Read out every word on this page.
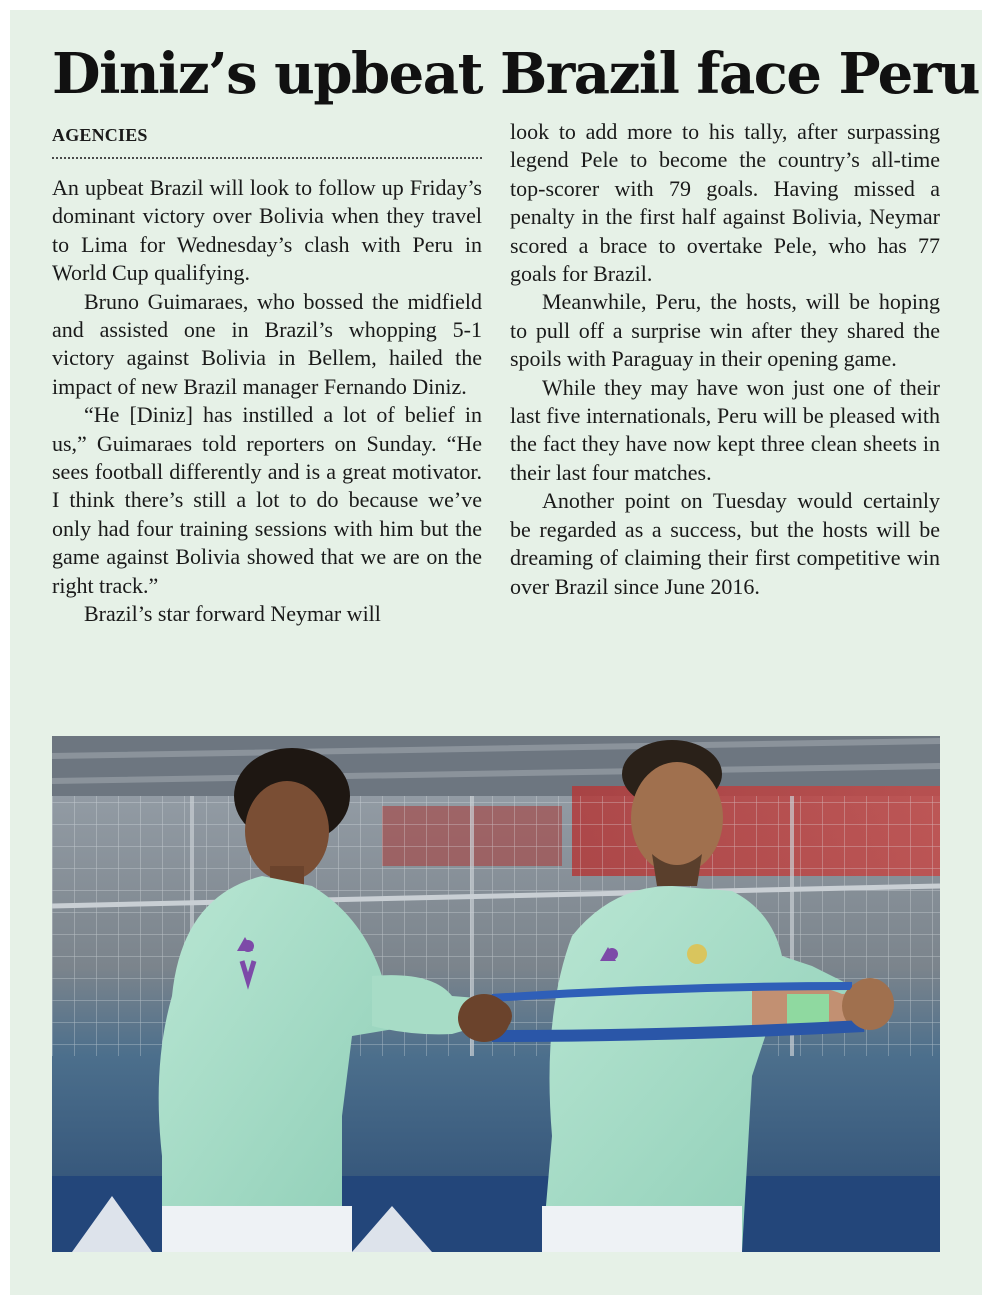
Diniz’s upbeat Brazil face Peru
AGENCIES

An upbeat Brazil will look to follow up Friday’s dominant victory over Bolivia when they travel to Lima for Wednesday’s clash with Peru in World Cup qualifying.

Bruno Guimaraes, who bossed the midfield and assisted one in Brazil’s whopping 5-1 victory against Bolivia in Bellem, hailed the impact of new Brazil manager Fernando Diniz.

“He [Diniz] has instilled a lot of belief in us,” Guimaraes told reporters on Sunday. “He sees football differently and is a great motivator. I think there’s still a lot to do because we’ve only had four training sessions with him but the game against Bolivia showed that we are on the right track.”

Brazil’s star forward Neymar will

look to add more to his tally, after surpassing legend Pele to become the country’s all-time top-scorer with 79 goals. Having missed a penalty in the first half against Bolivia, Neymar scored a brace to overtake Pele, who has 77 goals for Brazil.

Meanwhile, Peru, the hosts, will be hoping to pull off a surprise win after they shared the spoils with Paraguay in their opening game.

While they may have won just one of their last five internationals, Peru will be pleased with the fact they have now kept three clean sheets in their last four matches.

Another point on Tuesday would certainly be regarded as a success, but the hosts will be dreaming of claiming their first competitive win over Brazil since June 2016.
